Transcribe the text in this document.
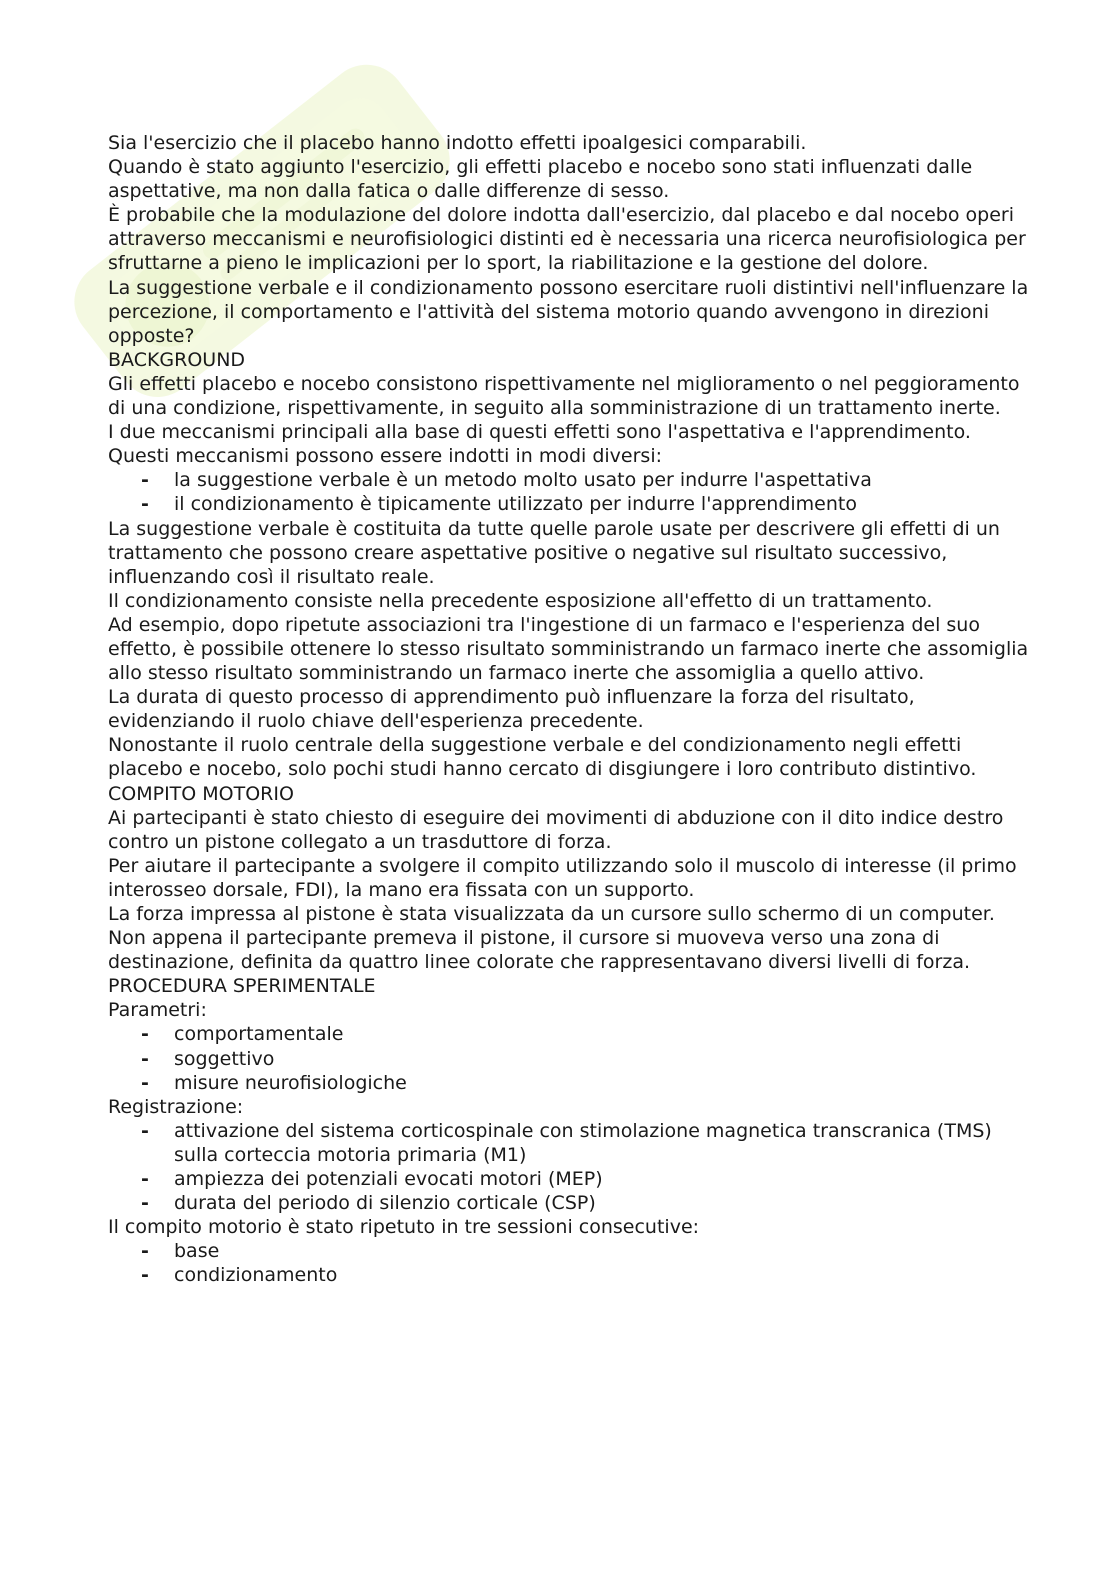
Sia l'esercizio che il placebo hanno indotto effetti ipoalgesici comparabili.

Quando è stato aggiunto l'esercizio, gli effetti placebo e nocebo sono stati influenzati dalle aspettative, ma non dalla fatica o dalle differenze di sesso.

È probabile che la modulazione del dolore indotta dall'esercizio, dal placebo e dal nocebo operi attraverso meccanismi e neurofisiologici distinti ed è necessaria una ricerca neurofisiologica per sfruttarne a pieno le implicazioni per lo sport, la riabilitazione e la gestione del dolore.

La suggestione verbale e il condizionamento possono esercitare ruoli distintivi nell'influenzare la percezione, il comportamento e l'attività del sistema motorio quando avvengono in direzioni opposte?

BACKGROUND

Gli effetti placebo e nocebo consistono rispettivamente nel miglioramento o nel peggioramento di una condizione, rispettivamente, in seguito alla somministrazione di un trattamento inerte.

I due meccanismi principali alla base di questi effetti sono l'aspettativa e l'apprendimento.

Questi meccanismi possono essere indotti in modi diversi:

- la suggestione verbale è un metodo molto usato per indurre l'aspettativa
- il condizionamento è tipicamente utilizzato per indurre l'apprendimento

La suggestione verbale è costituita da tutte quelle parole usate per descrivere gli effetti di un trattamento che possono creare aspettative positive o negative sul risultato successivo, influenzando così il risultato reale.

Il condizionamento consiste nella precedente esposizione all'effetto di un trattamento.

Ad esempio, dopo ripetute associazioni tra l'ingestione di un farmaco e l'esperienza del suo effetto, è possibile ottenere lo stesso risultato somministrando un farmaco inerte che assomiglia allo stesso risultato somministrando un farmaco inerte che assomiglia a quello attivo.

La durata di questo processo di apprendimento può influenzare la forza del risultato, evidenziando il ruolo chiave dell'esperienza precedente.

Nonostante il ruolo centrale della suggestione verbale e del condizionamento negli effetti placebo e nocebo, solo pochi studi hanno cercato di disgiungere i loro contributo distintivo.

COMPITO MOTORIO

Ai partecipanti è stato chiesto di eseguire dei movimenti di abduzione con il dito indice destro contro un pistone collegato a un trasduttore di forza.

Per aiutare il partecipante a svolgere il compito utilizzando solo il muscolo di interesse (il primo interosseo dorsale, FDI), la mano era fissata con un supporto.

La forza impressa al pistone è stata visualizzata da un cursore sullo schermo di un computer.

Non appena il partecipante premeva il pistone, il cursore si muoveva verso una zona di destinazione, definita da quattro linee colorate che rappresentavano diversi livelli di forza.

PROCEDURA SPERIMENTALE

Parametri:

- comportamentale
- soggettivo
- misure neurofisiologiche

Registrazione:

- attivazione del sistema corticospinale con stimolazione magnetica transcranica (TMS) sulla corteccia motoria primaria (M1)
- ampiezza dei potenziali evocati motori (MEP)
- durata del periodo di silenzio corticale (CSP)

Il compito motorio è stato ripetuto in tre sessioni consecutive:

- base
- condizionamento
